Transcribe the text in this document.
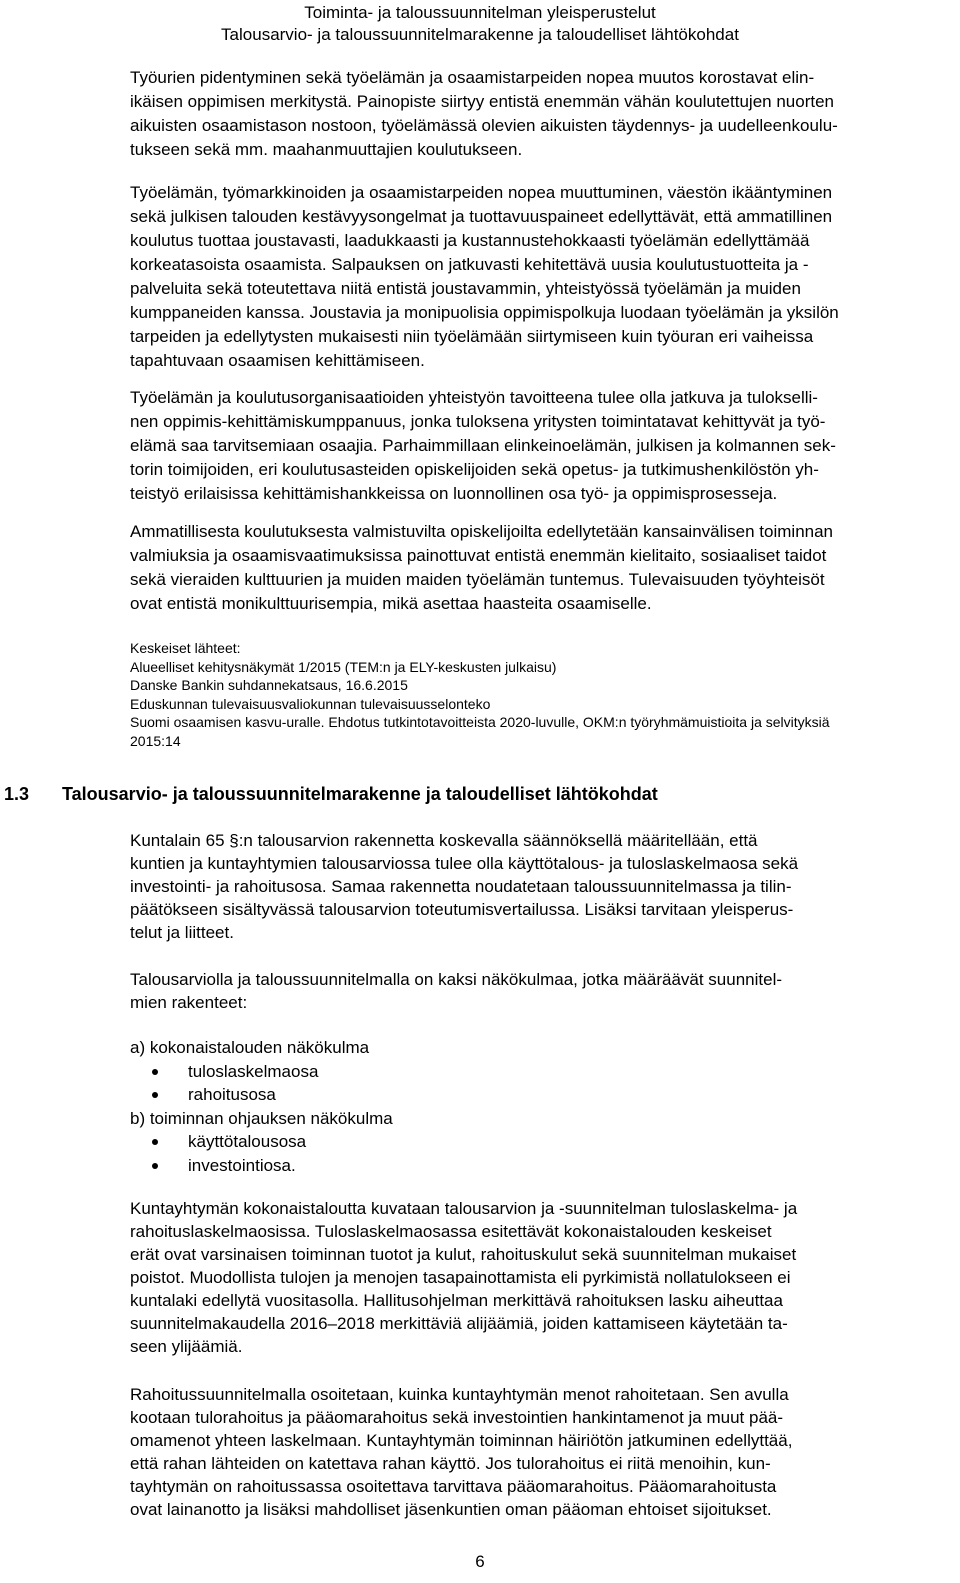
Toiminta- ja taloussuunnitelman yleisperustelut
Talousarvio- ja taloussuunnitelmarakenne ja taloudelliset lähtökohdat

Työurien pidentyminen sekä työelämän ja osaamistarpeiden nopea muutos korostavat elin-
ikäisen oppimisen merkitystä. Painopiste siirtyy entistä enemmän vähän koulutettujen nuorten
aikuisten osaamistason nostoon, työelämässä olevien aikuisten täydennys- ja uudelleenkoulu-
tukseen sekä mm. maahanmuuttajien koulutukseen.

Työelämän, työmarkkinoiden ja osaamistarpeiden nopea muuttuminen, väestön ikääntyminen
sekä julkisen talouden kestävyysongelmat ja tuottavuuspaineet edellyttävät, että ammatillinen
koulutus tuottaa joustavasti, laadukkaasti ja kustannustehokkaasti työelämän edellyttämää
korkeatasoista osaamista. Salpauksen on jatkuvasti kehitettävä uusia koulutustuotteita ja -
palveluita sekä toteutettava niitä entistä joustavammin, yhteistyössä työelämän ja muiden
kumppaneiden kanssa. Joustavia ja monipuolisia oppimispolkuja luodaan työelämän ja yksilön
tarpeiden ja edellytysten mukaisesti niin työelämään siirtymiseen kuin työuran eri vaiheissa
tapahtuvaan osaamisen kehittämiseen.

Työelämän ja koulutusorganisaatioiden yhteistyön tavoitteena tulee olla jatkuva ja tulokselli-
nen oppimis-kehittämiskumppanuus, jonka tuloksena yritysten toimintatavat kehittyvät ja työ-
elämä saa tarvitsemiaan osaajia. Parhaimmillaan elinkeinoelämän, julkisen ja kolmannen sek-
torin toimijoiden, eri koulutusasteiden opiskelijoiden sekä opetus- ja tutkimushenkilöstön yh-
teistyö erilaisissa kehittämishankkeissa on luonnollinen osa työ- ja oppimisprosesseja.

Ammatillisesta koulutuksesta valmistuvilta opiskelijoilta edellytetään kansainvälisen toiminnan
valmiuksia ja osaamisvaatimuksissa painottuvat entistä enemmän kielitaito, sosiaaliset taidot
sekä vieraiden kulttuurien ja muiden maiden työelämän tuntemus. Tulevaisuuden työyhteisöt
ovat entistä monikulttuurisempia, mikä asettaa haasteita osaamiselle.

Keskeiset lähteet:
Alueelliset kehitysnäkymät 1/2015 (TEM:n ja ELY-keskusten julkaisu)
Danske Bankin suhdannekatsaus, 16.6.2015
Eduskunnan tulevaisuusvaliokunnan tulevaisuusselonteko
Suomi osaamisen kasvu-uralle. Ehdotus tutkintotavoitteista 2020-luvulle, OKM:n työryhmämuistioita ja selvityksiä
2015:14
1.3 Talousarvio- ja taloussuunnitelmarakenne ja taloudelliset lähtökohdat

Kuntalain 65 §:n talousarvion rakennetta koskevalla säännöksellä määritellään, että
kuntien ja kuntayhtymien talousarviossa tulee olla käyttötalous- ja tuloslaskelmaosa sekä
investointi- ja rahoitusosa. Samaa rakennetta noudatetaan taloussuunnitelmassa ja tilin-
päätökseen sisältyvässä talousarvion toteutumisvertailussa. Lisäksi tarvitaan yleisperus-
telut ja liitteet.

Talousarviolla ja taloussuunnitelmalla on kaksi näkökulmaa, jotka määräävät suunnitel-
mien rakenteet:

a) kokonaistalouden näkökulma
tuloslaskelmaosa
rahoitusosa
b) toiminnan ohjauksen näkökulma
käyttötalousosa
investointiosa.

Kuntayhtymän kokonaistaloutta kuvataan talousarvion ja -suunnitelman tuloslaskelma- ja
rahoituslaskelmaosissa. Tuloslaskelmaosassa esitettävät kokonaistalouden keskeiset
erät ovat varsinaisen toiminnan tuotot ja kulut, rahoituskulut sekä suunnitelman mukaiset
poistot. Muodollista tulojen ja menojen tasapainottamista eli pyrkimistä nollatulokseen ei
kuntalaki edellytä vuositasolla. Hallitusohjelman merkittävä rahoituksen lasku aiheuttaa
suunnitelmakaudella 2016–2018 merkittäviä alijäämiä, joiden kattamiseen käytetään ta-
seen ylijäämiä.

Rahoitussuunnitelmalla osoitetaan, kuinka kuntayhtymän menot rahoitetaan. Sen avulla
kootaan tulorahoitus ja pääomarahoitus sekä investointien hankintamenot ja muut pää-
omamenot yhteen laskelmaan. Kuntayhtymän toiminnan häiriötön jatkuminen edellyttää,
että rahan lähteiden on katettava rahan käyttö. Jos tulorahoitus ei riitä menoihin, kun-
tayhtymän on rahoitussassa osoitettava tarvittava pääomarahoitus. Pääomarahoitusta
ovat lainanotto ja lisäksi mahdolliset jäsenkuntien oman pääoman ehtoiset sijoitukset.

6
